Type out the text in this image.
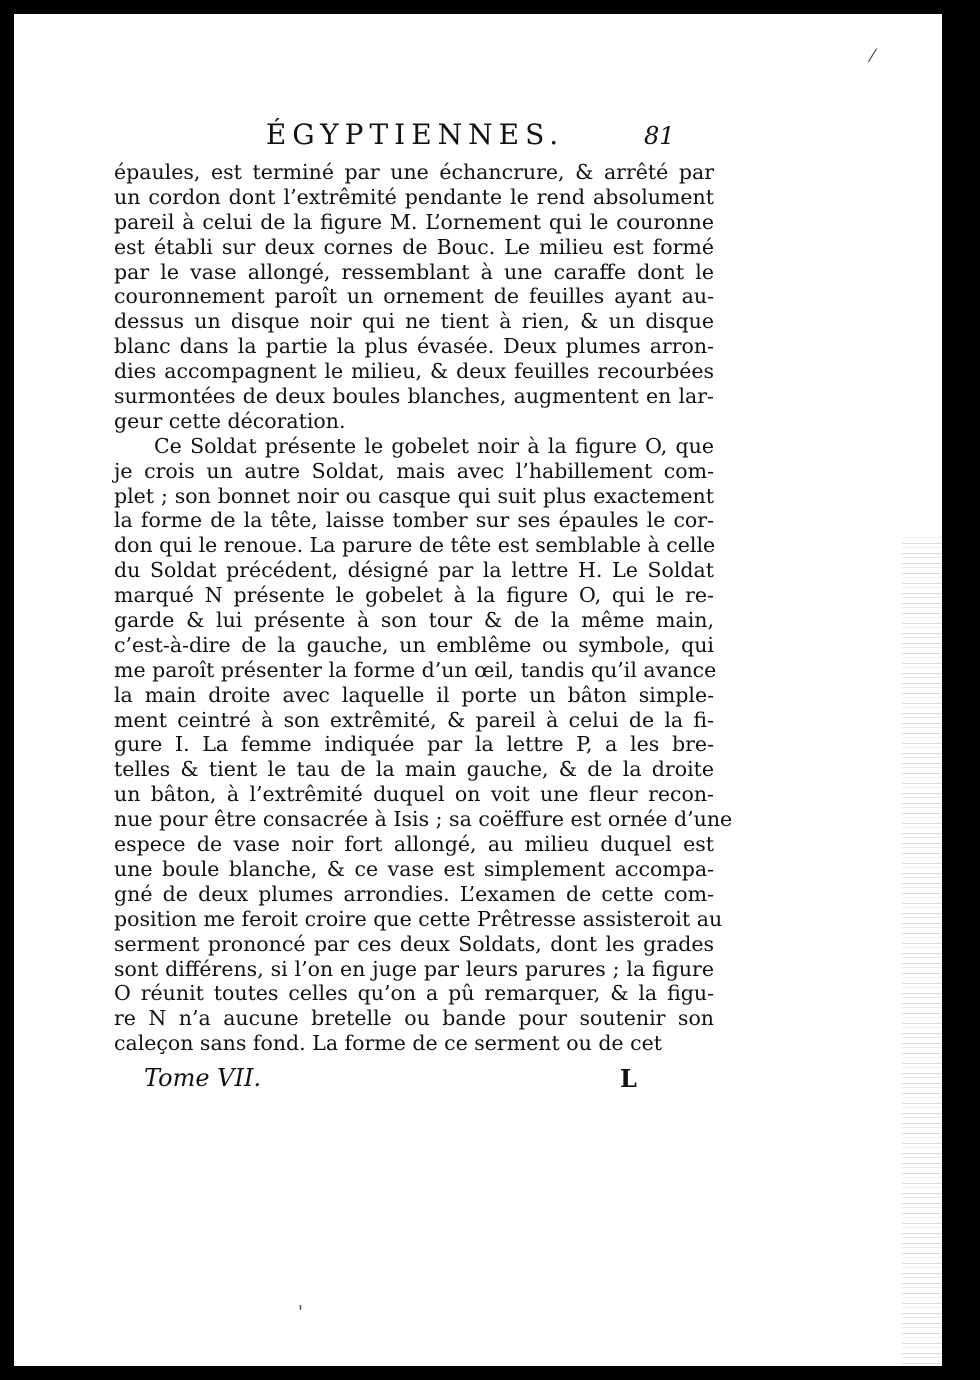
⁄
'
ÉGYPTIENNES.	81
épaules, est terminé par une échancrure, & arrêté par
un cordon dont l’extrêmité pendante le rend absolument
pareil à celui de la figure M. L’ornement qui le couronne
est établi sur deux cornes de Bouc. Le milieu est formé
par le vase allongé, ressemblant à une caraffe dont le
couronnement paroît un ornement de feuilles ayant au-
dessus un disque noir qui ne tient à rien, & un disque
blanc dans la partie la plus évasée. Deux plumes arron-
dies accompagnent le milieu, & deux feuilles recourbées
surmontées de deux boules blanches, augmentent en lar-
geur cette décoration.
Ce Soldat présente le gobelet noir à la figure O, que
je crois un autre Soldat, mais avec l’habillement com-
plet ; son bonnet noir ou casque qui suit plus exactement
la forme de la tête, laisse tomber sur ses épaules le cor-
don qui le renoue. La parure de tête est semblable à celle
du Soldat précédent, désigné par la lettre H. Le Soldat
marqué N présente le gobelet à la figure O, qui le re-
garde & lui présente à son tour & de la même main,
c’est-à-dire de la gauche, un emblême ou symbole, qui
me paroît présenter la forme d’un œil, tandis qu’il avance
la main droite avec laquelle il porte un bâton simple-
ment ceintré à son extrêmité, & pareil à celui de la fi-
gure I. La femme indiquée par la lettre P, a les bre-
telles & tient le tau de la main gauche, & de la droite
un bâton, à l’extrêmité duquel on voit une fleur recon-
nue pour être consacrée à Isis ; sa coëffure est ornée d’une
espece de vase noir fort allongé, au milieu duquel est
une boule blanche, & ce vase est simplement accompa-
gné de deux plumes arrondies. L’examen de cette com-
position me feroit croire que cette Prêtresse assisteroit au
serment prononcé par ces deux Soldats, dont les grades
sont différens, si l’on en juge par leurs parures ; la figure
O réunit toutes celles qu’on a pû remarquer, & la figu-
re N n’a aucune bretelle ou bande pour soutenir son
caleçon sans fond. La forme de ce serment ou de cet
Tome VII.	L
